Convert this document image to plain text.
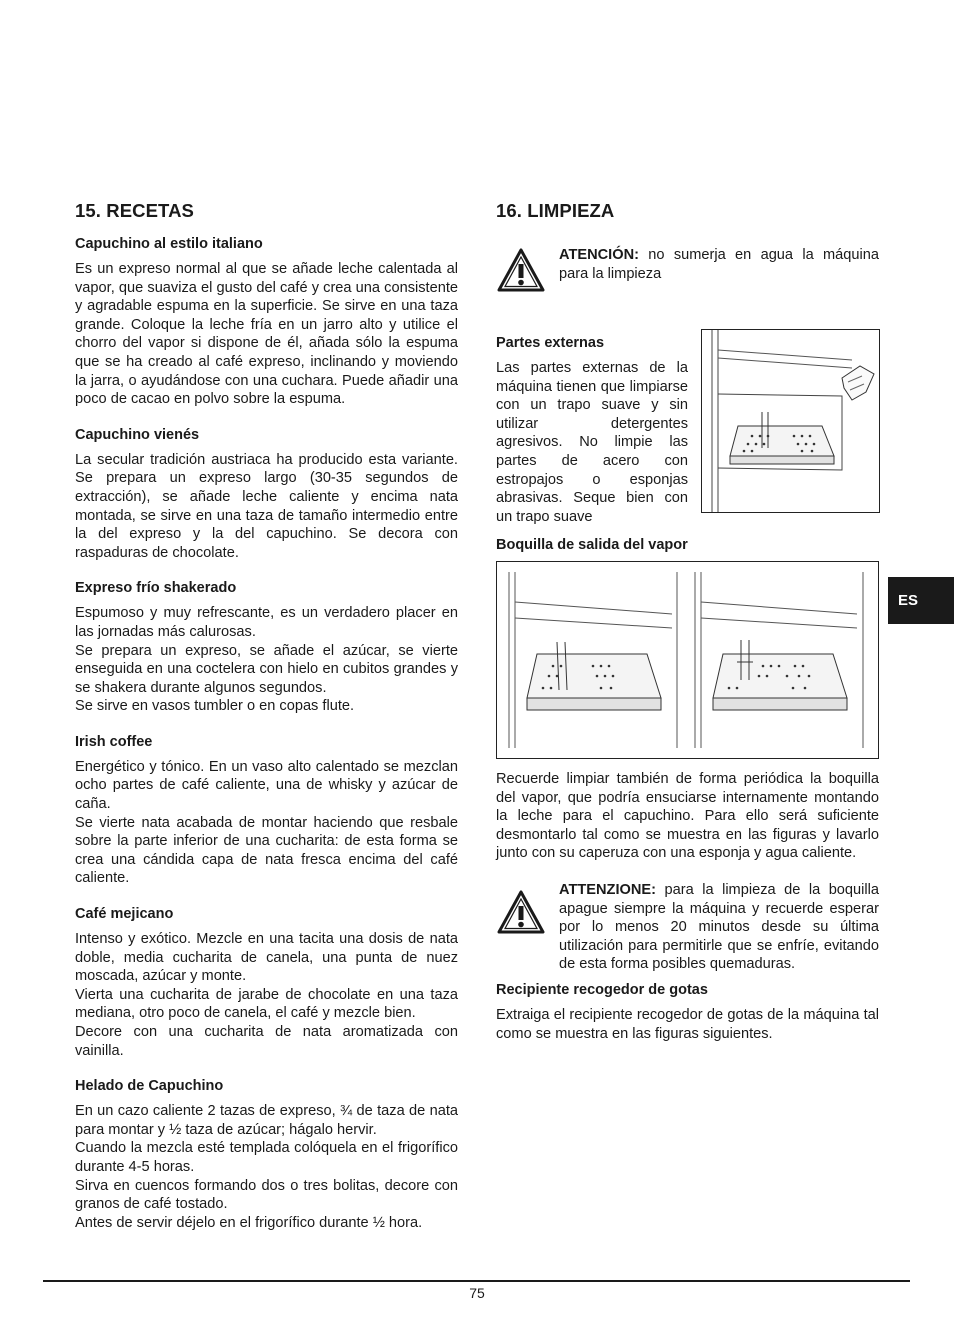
15. RECETAS
Capuchino al estilo italiano

Es un expreso normal al que se añade leche calentada al vapor, que suaviza el gusto del café y crea una consistente y agradable espuma en la superficie. Se sirve en una taza grande. Coloque la leche fría en un jarro alto y utilice el chorro del vapor si dispone de él, añada sólo la espuma que se ha creado al café expreso, inclinando y moviendo la jarra, o ayudándose con una cuchara. Puede añadir una poco de cacao en polvo sobre la espuma.

Capuchino vienés

La secular tradición austriaca ha producido esta variante. Se prepara un expreso largo (30-35 segundos de extracción), se añade leche caliente y encima nata montada, se sirve en una taza de tamaño intermedio entre la del expreso y la del capuchino. Se decora con raspaduras de chocolate.

Expreso frío shakerado

Espumoso y muy refrescante, es un verdadero placer en las jornadas más calurosas.

Se prepara un expreso, se añade el azúcar, se vierte enseguida en una coctelera con hielo en cubitos grandes y se shakera durante algunos segundos.

Se sirve en vasos tumbler o en copas flute.

Irish coffee

Energético y tónico. En un vaso alto calentado se mezclan ocho partes de café caliente, una de whisky y azúcar de caña.

Se vierte nata acabada de montar haciendo que resbale sobre la parte inferior de una cucharita: de esta forma se crea una cándida capa de nata fresca encima del café caliente.

Café mejicano

Intenso y exótico. Mezcle en una tacita una dosis de nata doble, media cucharita de canela, una punta de nuez moscada, azúcar y monte.

Vierta una cucharita de jarabe de chocolate en una taza mediana, otro poco de canela, el café y mezcle bien.

Decore con una cucharita de nata aromatizada con vainilla.

Helado de Capuchino

En un cazo caliente 2 tazas de expreso, ¾ de taza de nata para montar y ½ taza de azúcar; hágalo hervir.

Cuando la mezcla esté templada colóquela en el frigorífico durante 4-5 horas.

Sirva en cuencos formando dos o tres bolitas, decore con granos de café tostado.

Antes de servir déjelo en el frigorífico durante ½ hora.

16. LIMPIEZA

ATENCIÓN: no sumerja en agua la máquina para la limpieza

Partes externas

Las partes externas de la máquina tienen que limpiarse con un trapo suave y sin utilizar detergentes agresivos. No limpie las partes de acero con estropajos o esponjas abrasivas. Seque bien con un trapo suave

Boquilla de salida del vapor

Recuerde limpiar también de forma periódica la boquilla del vapor, que podría ensuciarse internamente montando la leche para el capuchino. Para ello será suficiente desmontarlo tal como se muestra en las figuras y lavarlo junto con su caperuza con una esponja y agua caliente.

ATTENZIONE: para la limpieza de la boquilla apague siempre la máquina y recuerde esperar por lo menos 20 minutos desde su última utilización para permitirle que se enfríe, evitando de esta forma posibles quemaduras.

Recipiente recogedor de gotas

Extraiga el recipiente recogedor de gotas de la máquina tal como se muestra en las figuras siguientes.

ES
75
